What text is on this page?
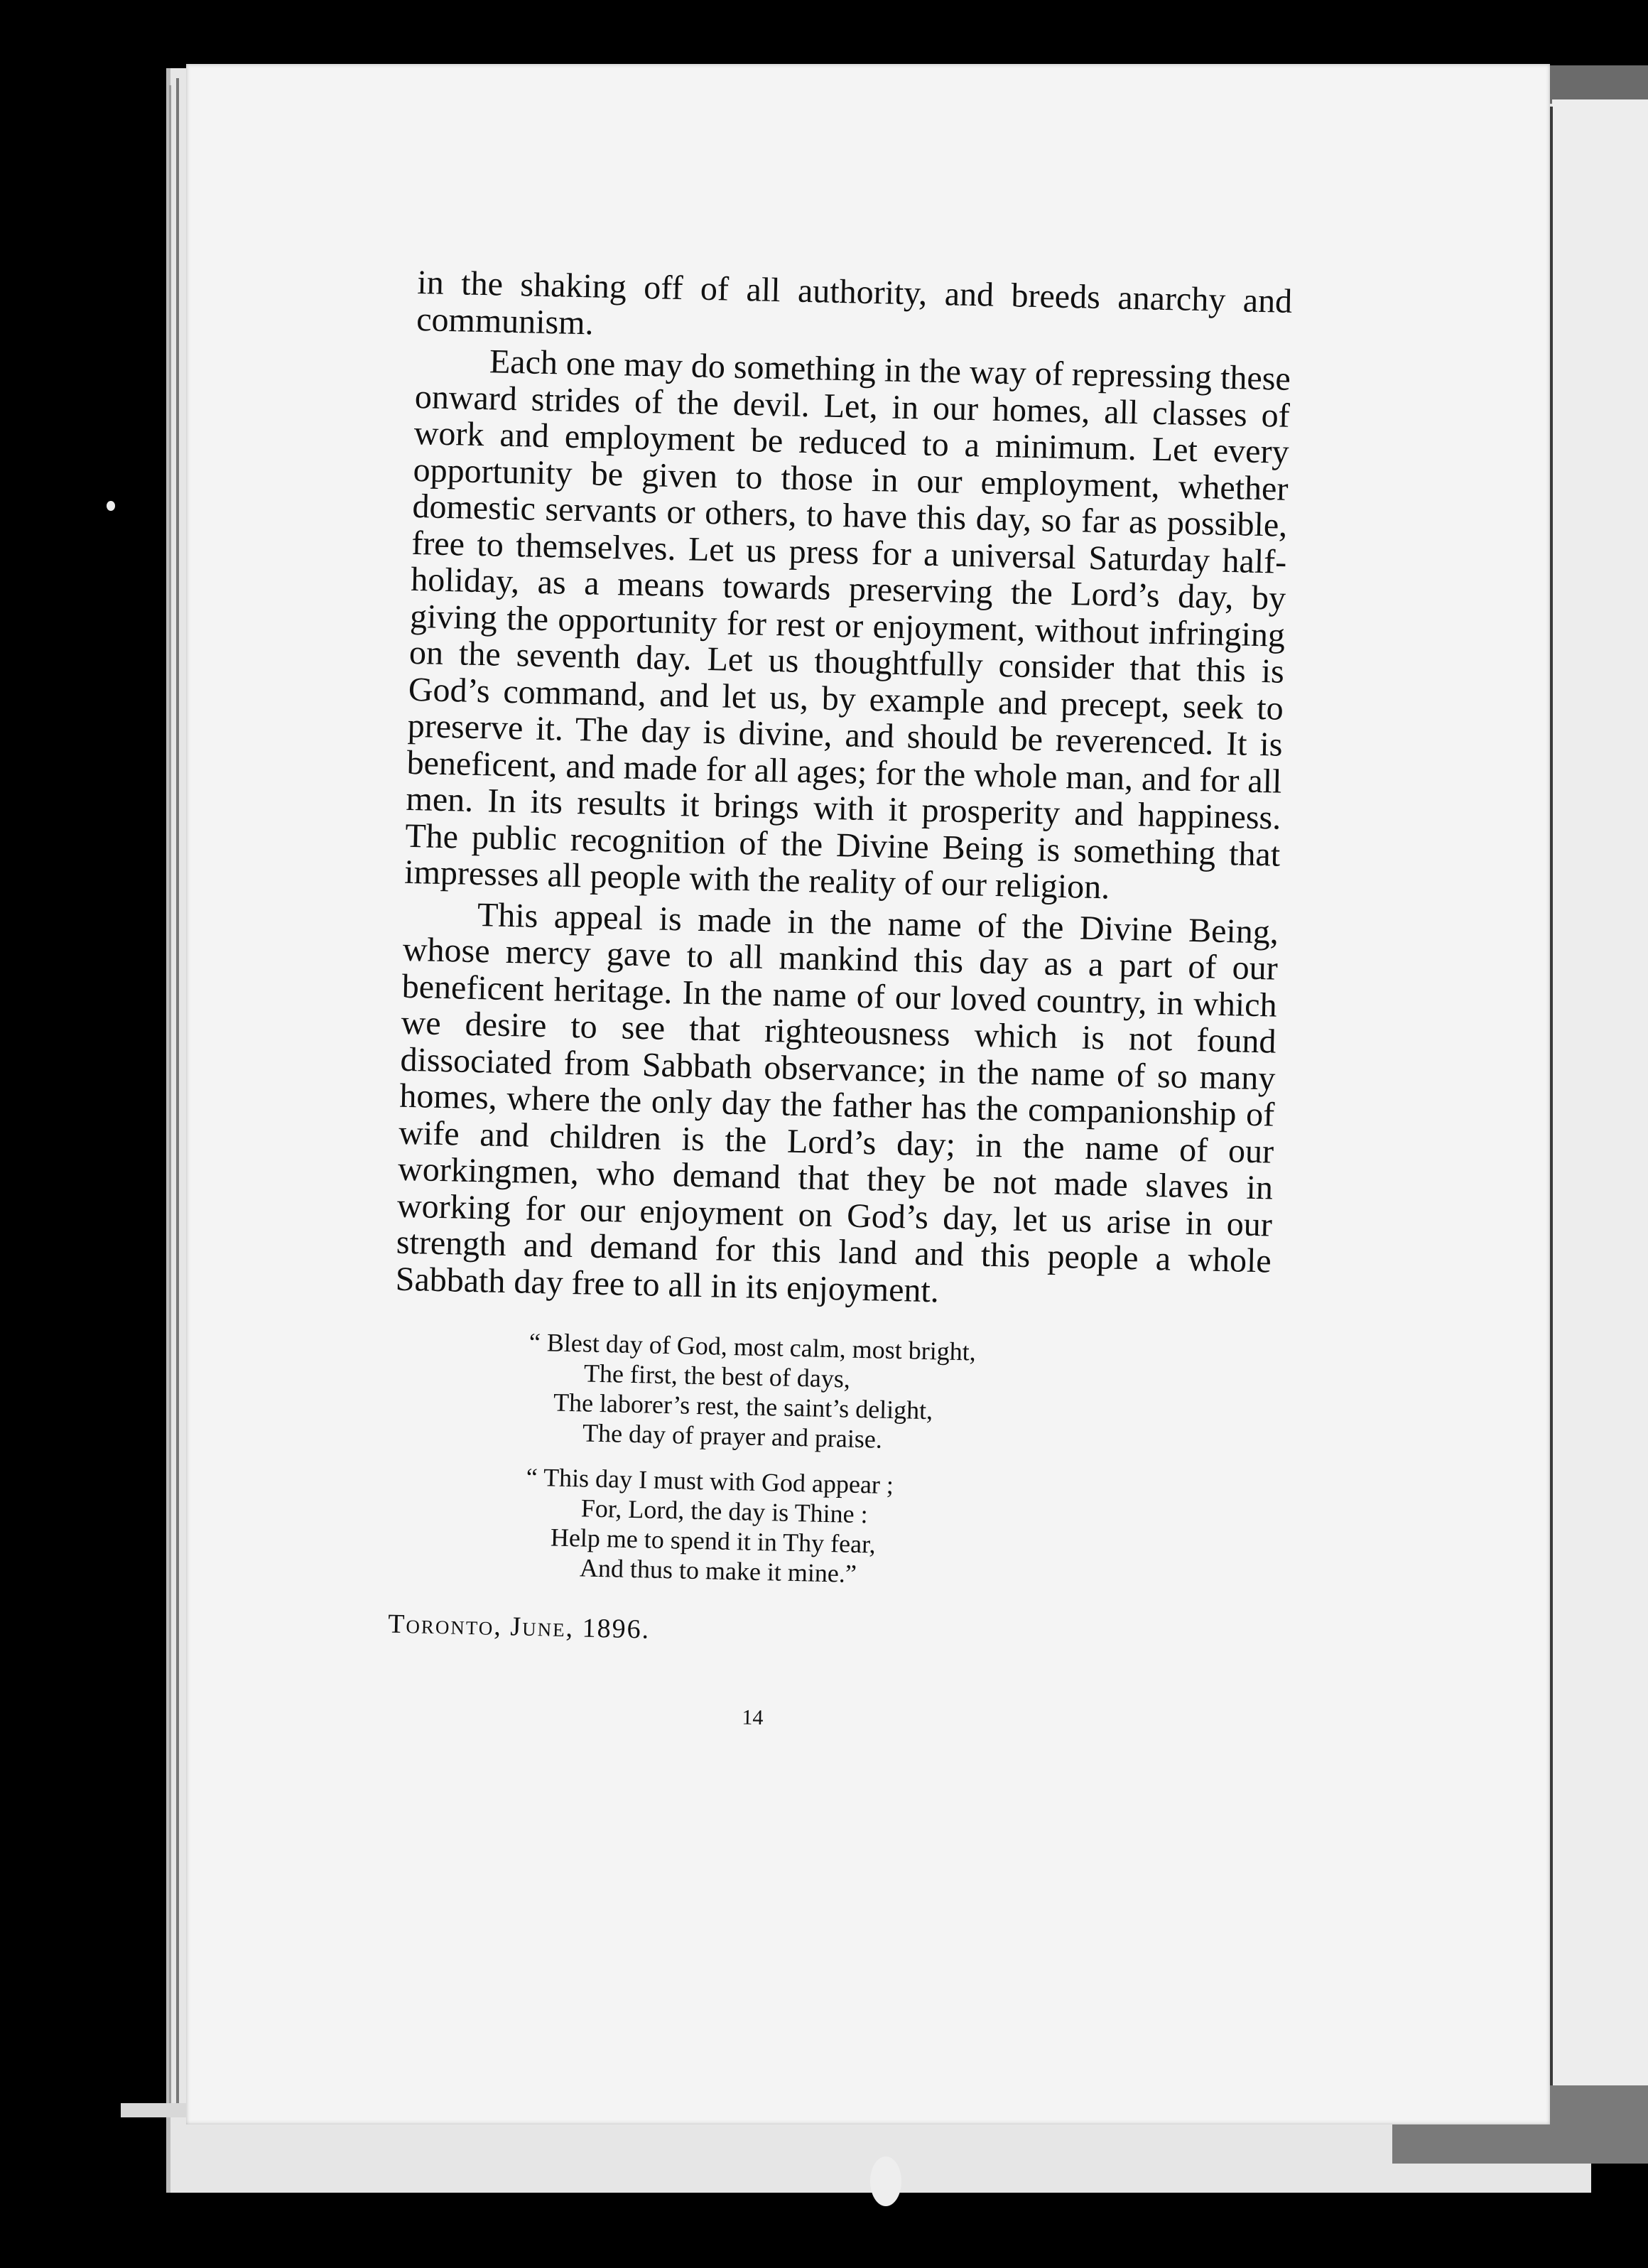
in the shaking off of all authority, and breeds anarchy and communism.

Each one may do something in the way of repressing these onward strides of the devil. Let, in our homes, all classes of work and employment be reduced to a minimum. Let every opportunity be given to those in our employment, whether domestic servants or others, to have this day, so far as possible, free to themselves. Let us press for a universal Saturday half-holiday, as a means towards preserving the Lord’s day, by giving the opportunity for rest or enjoyment, without infringing on the seventh day. Let us thoughtfully consider that this is God’s command, and let us, by example and precept, seek to preserve it. The day is divine, and should be reverenced. It is beneficent, and made for all ages; for the whole man, and for all men. In its results it brings with it prosperity and happiness. The public recognition of the Divine Being is something that impresses all people with the reality of our religion.

This appeal is made in the name of the Divine Being, whose mercy gave to all mankind this day as a part of our beneficent heritage. In the name of our loved country, in which we desire to see that righteousness which is not found dissociated from Sabbath observance; in the name of so many homes, where the only day the father has the companionship of wife and children is the Lord’s day; in the name of our workingmen, who demand that they be not made slaves in working for our enjoyment on God’s day, let us arise in our strength and demand for this land and this people a whole Sabbath day free to all in its enjoyment.

“ Blest day of God, most calm, most bright,
The first, the best of days,
The laborer’s rest, the saint’s delight,
The day of prayer and praise.
“ This day I must with God appear ;
For, Lord, the day is Thine :
Help me to spend it in Thy fear,
And thus to make it mine.”
Toronto, June, 1896.
14
